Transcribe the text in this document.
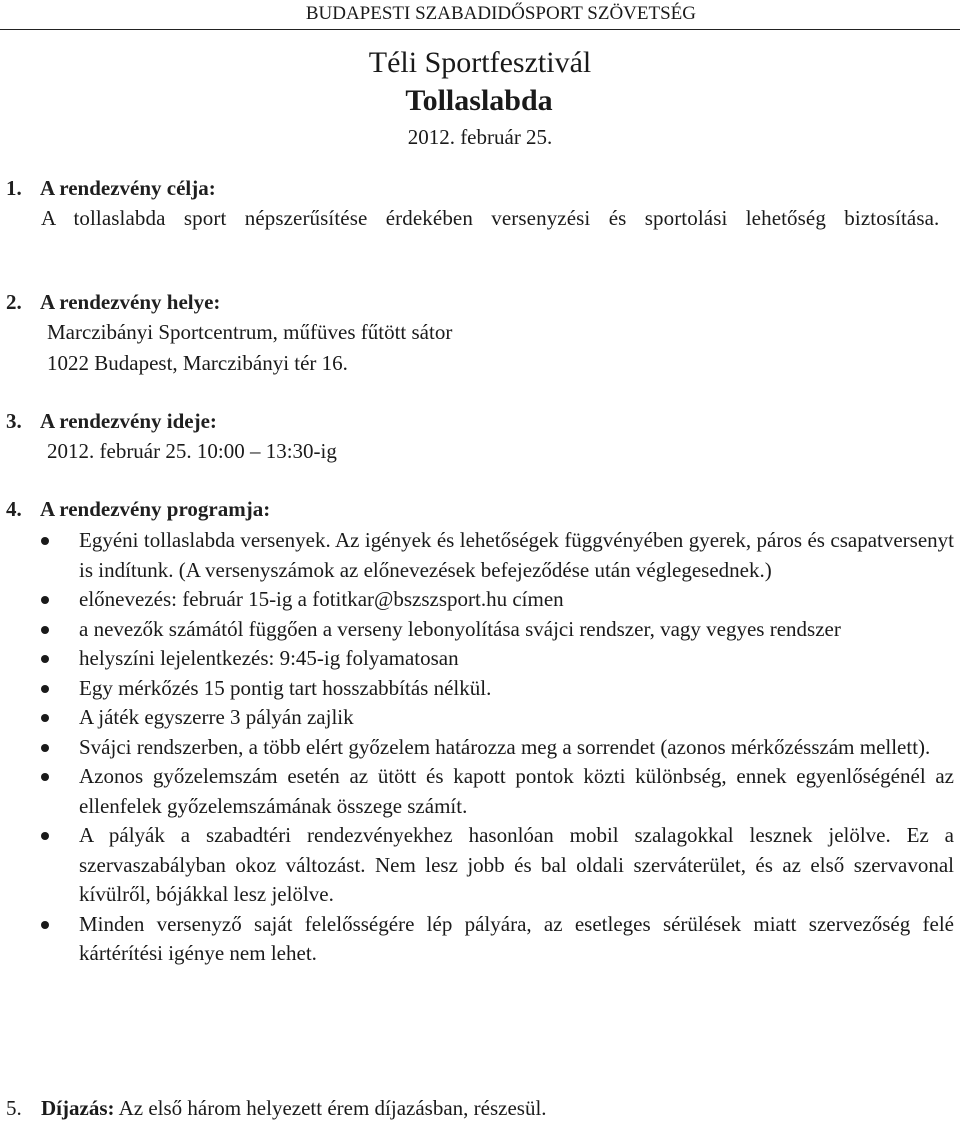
BUDAPESTI SZABADIDŐSPORT SZÖVETSÉG
Téli Sportfesztivál
Tollaslabda
2012. február 25.
1. A rendezvény célja:

A tollaslabda sport népszerűsítése érdekében versenyzési és sportolási lehetőség biztosítása.

2. A rendezvény helye:

Marczibányi Sportcentrum, műfüves fűtött sátor

1022 Budapest, Marczibányi tér 16.

3. A rendezvény ideje:

2012. február 25. 10:00 – 13:30-ig

4. A rendezvény programja:
Egyéni tollaslabda versenyek. Az igények és lehetőségek függvényében gyerek, páros és csapatversenyt is indítunk. (A versenyszámok az előnevezések befejeződése után véglegesednek.)
előnevezés: február 15-ig a fotitkar@bszszsport.hu címen
a nevezők számától függően a verseny lebonyolítása svájci rendszer, vagy vegyes rendszer
helyszíni lejelentkezés: 9:45-ig folyamatosan
Egy mérkőzés 15 pontig tart hosszabbítás nélkül.
A játék egyszerre 3 pályán zajlik
Svájci rendszerben, a több elért győzelem határozza meg a sorrendet (azonos mérkőzésszám mellett).
Azonos győzelemszám esetén az ütött és kapott pontok közti különbség, ennek egyenlőségénél az ellenfelek győzelemszámának összege számít.
A pályák a szabadtéri rendezvényekhez hasonlóan mobil szalagokkal lesznek jelölve. Ez a szervaszabályban okoz változást. Nem lesz jobb és bal oldali szerváterület, és az első szervavonal kívülről, bójákkal lesz jelölve.
Minden versenyző saját felelősségére lép pályára, az esetleges sérülések miatt szervezőség felé kártérítési igénye nem lehet.
5. Díjazás: Az első három helyezett érem díjazásban, részesül.
